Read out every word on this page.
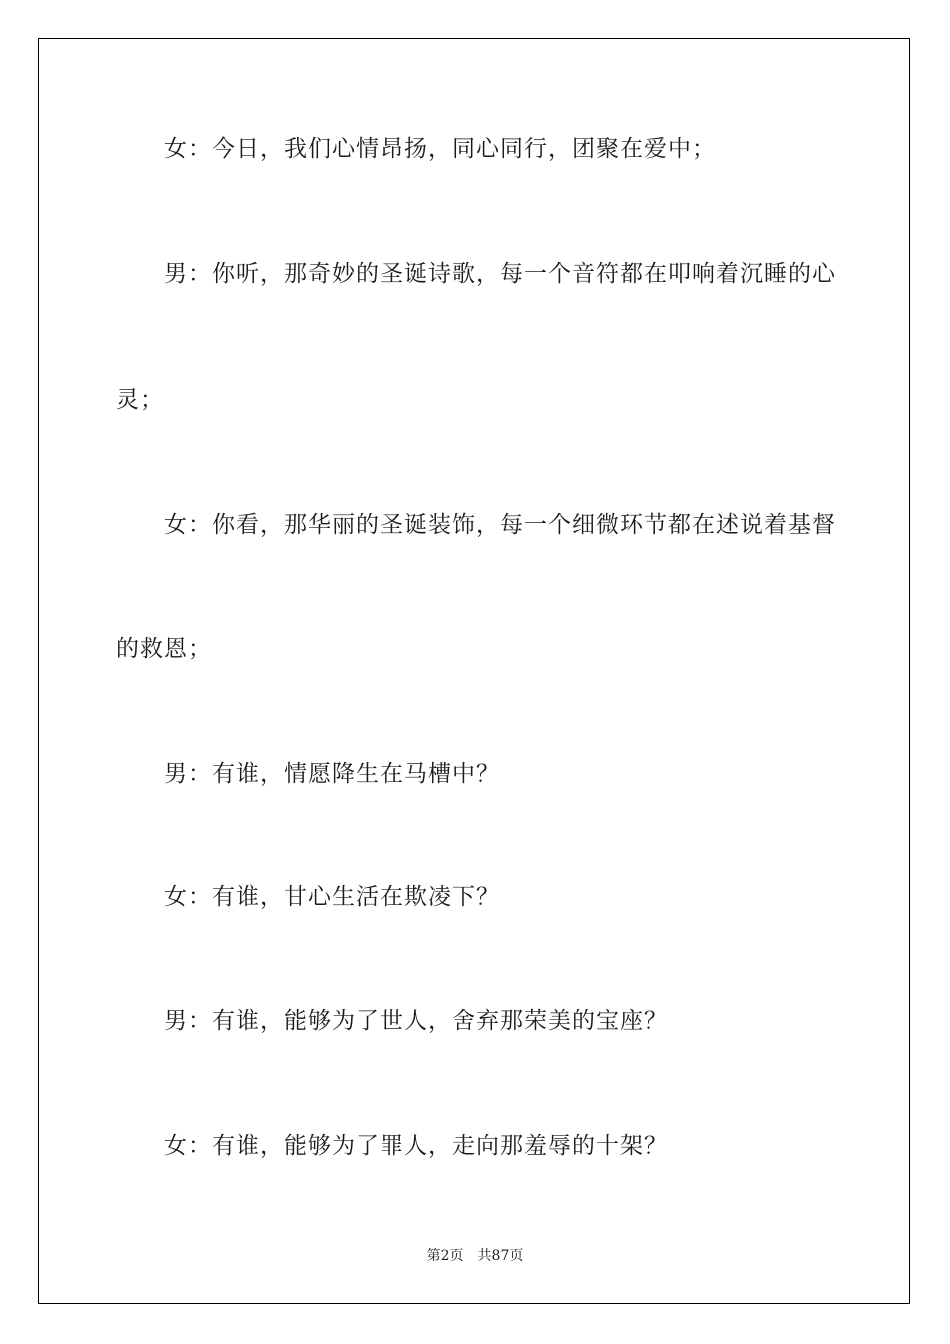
女：今日，我们心情昂扬，同心同行，团聚在爱中；
男：你听，那奇妙的圣诞诗歌，每一个音符都在叩响着沉睡的心
灵；
女：你看，那华丽的圣诞装饰，每一个细微环节都在述说着基督
的救恩；
男：有谁，情愿降生在马槽中？
女：有谁，甘心生活在欺凌下？
男：有谁，能够为了世人，舍弃那荣美的宝座？
女：有谁，能够为了罪人，走向那羞辱的十架？
第2页 共87页
